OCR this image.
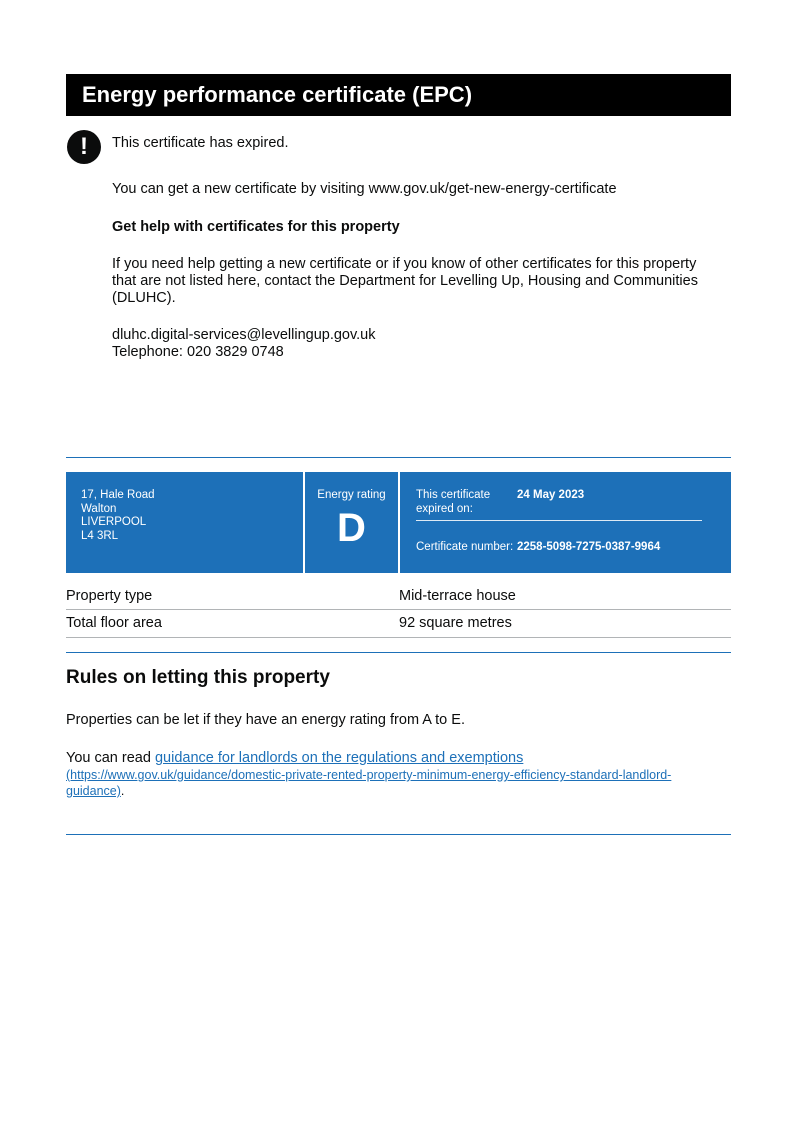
Energy performance certificate (EPC)
!	This certificate has expired.
You can get a new certificate by visiting www.gov.uk/get-new-energy-certificate
Get help with certificates for this property
If you need help getting a new certificate or if you know of other certificates for this property
that are not listed here, contact the Department for Levelling Up, Housing and Communities
(DLUHC).
dluhc.digital-services@levellingup.gov.uk
Telephone: 020 3829 0748
17, Hale Road
Walton
LIVERPOOL
L4 3RL
Energy rating
D
This certificate
expired on:
24 May 2023
Certificate number: 2258-5098-7275-0387-9964
Property type	Mid-terrace house
Total floor area	92 square metres
Rules on letting this property
Properties can be let if they have an energy rating from A to E.
You can read guidance for landlords on the regulations and exemptions
(https://www.gov.uk/guidance/domestic-private-rented-property-minimum-energy-efficiency-standard-landlord-
guidance).
